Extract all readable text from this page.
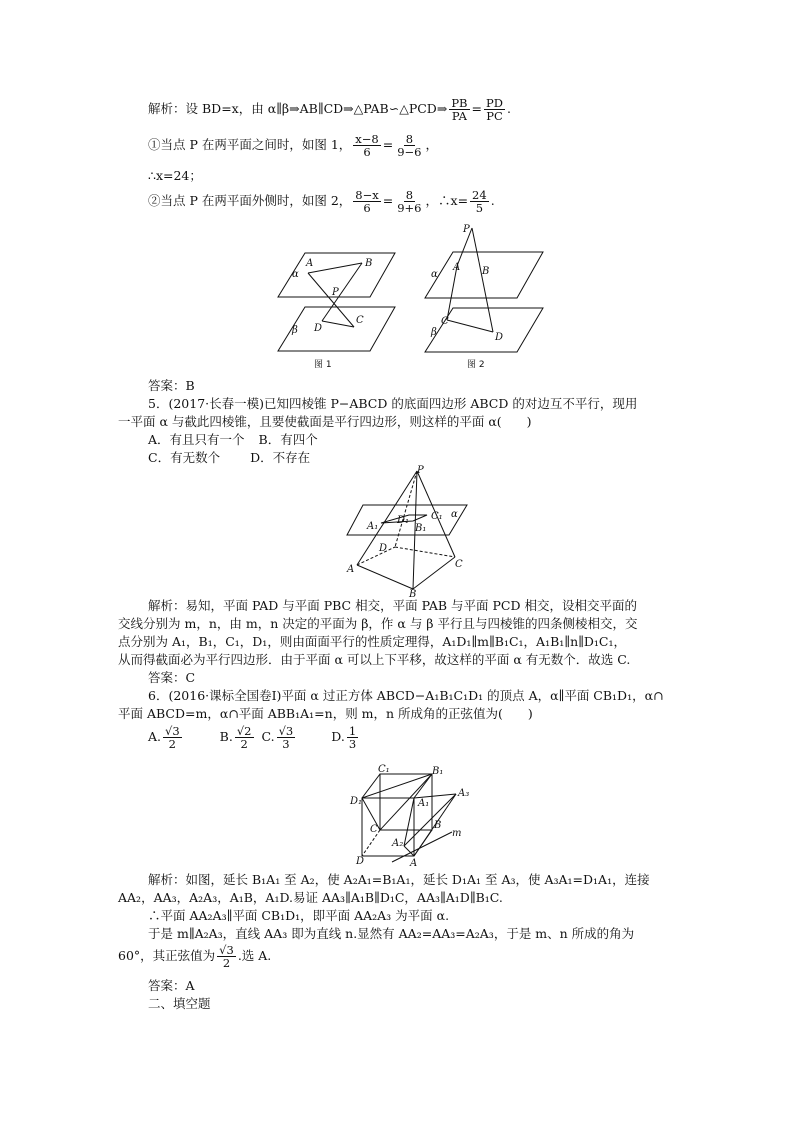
解析：设 BD=x，由 α∥β⇒AB∥CD⇒△PAB∽△PCD⇒ $\frac{PB}{PA} = \frac{PD}{PC}$ .
①当点 P 在两平面之间时，如图 1， $\frac{x-8}{6} = \frac{8}{9-6}$ ，
∴x=24；
②当点 P 在两平面外侧时，如图 2， $\frac{8-x}{6} = \frac{8}{9+6}$ ，∴x= $\frac{24}{5}$ .
α
A	B
P
β
C
D
图 1
P
A B
α
β
C
D
图 2
答案：B
5．(2017·长春一模)已知四棱锥 P−ABCD 的底面四边形 ABCD 的对边互不平行，现用
一平面 α 与截此四棱锥，且要使截面是平行四边形，则这样的平面 α(　　)
A．有且只有一个 B．有四个
C．有无数个 D．不存在
P
A₁
D₁
B₁
C₁ α
D
A	C
B
解析：易知，平面 PAD 与平面 PBC 相交，平面 PAB 与平面 PCD 相交，设相交平面的
交线分别为 m，n，由 m，n 决定的平面为 β，作 α 与 β 平行且与四棱锥的四条侧棱相交，交
点分别为 A₁，B₁，C₁，D₁，则由面面平行的性质定理得，A₁D₁∥m∥B₁C₁，A₁B₁∥n∥D₁C₁，
从而得截面必为平行四边形．由于平面 α 可以上下平移，故这样的平面 α 有无数个．故选 C.
答案：C
6．(2016·课标全国卷Ⅰ)平面 α 过正方体 ABCD−A₁B₁C₁D₁ 的顶点 A，α∥平面 CB₁D₁，α∩
平面 ABCD=m，α∩平面 ABB₁A₁=n，则 m，n 所成角的正弦值为(　　)
A. $\frac{√3}{2}$	B. $\frac{√2}{2} C$. $\frac{√3}{3}$	D. $\frac{1}{3}$
C₁	B₁
D₁	A₁
A₃
A₂
C	B
D	A
m
解析：如图，延长 B₁A₁ 至 A₂，使 A₂A₁=B₁A₁，延长 D₁A₁ 至 A₃，使 A₃A₁=D₁A₁，连接
AA₂，AA₃，A₂A₃，A₁B，A₁D.易证 AA₃∥A₁B∥D₁C，AA₃∥A₁D∥B₁C.
∴平面 AA₂A₃∥平面 CB₁D₁，即平面 AA₂A₃ 为平面 α.
于是 m∥A₂A₃，直线 AA₃ 即为直线 n.显然有 AA₂=AA₃=A₂A₃，于是 m、n 所成的角为
60°，其正弦值为 $\frac{√3}{2}$ .选 A.
答案：A
二、填空题
